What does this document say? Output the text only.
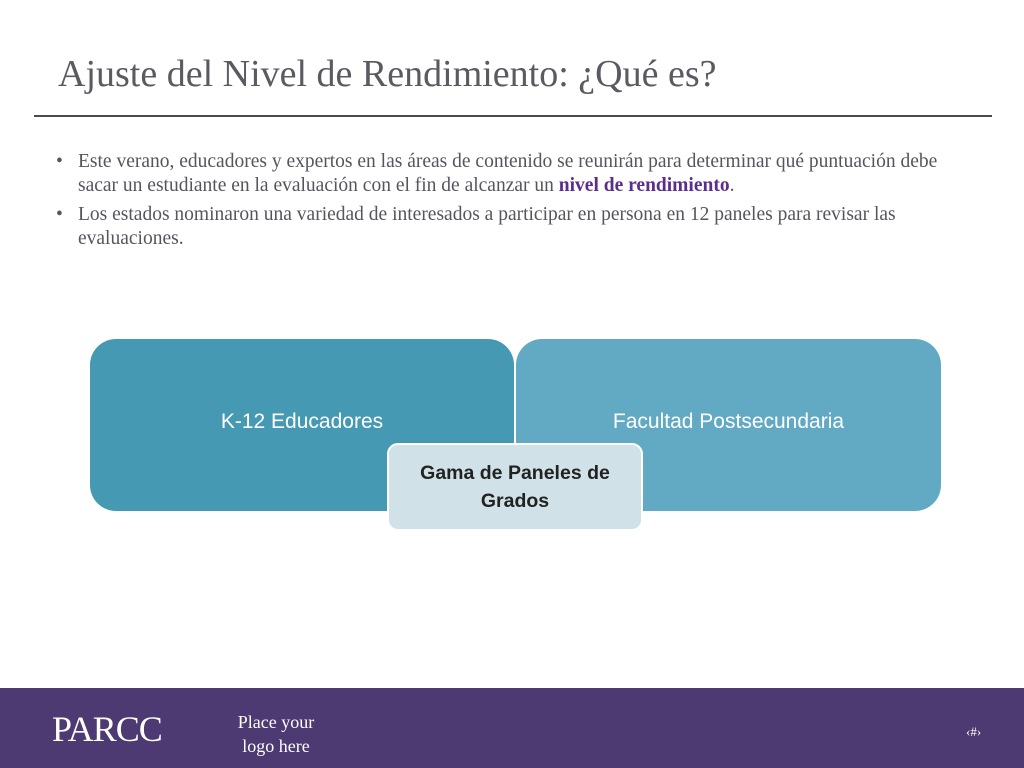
Ajuste del Nivel de Rendimiento: ¿Qué es?
• Este verano, educadores y expertos en las áreas de contenido se reunirán para determinar qué puntuación debe sacar un estudiante en la evaluación con el fin de alcanzar un nivel de rendimiento.
• Los estados nominaron una variedad de interesados a participar en persona en 12 paneles para revisar las evaluaciones.
K-12 Educadores	Facultad Postsecundaria
Gama de Paneles de
Grados
PARCC	Place your
logo here
‹#›
